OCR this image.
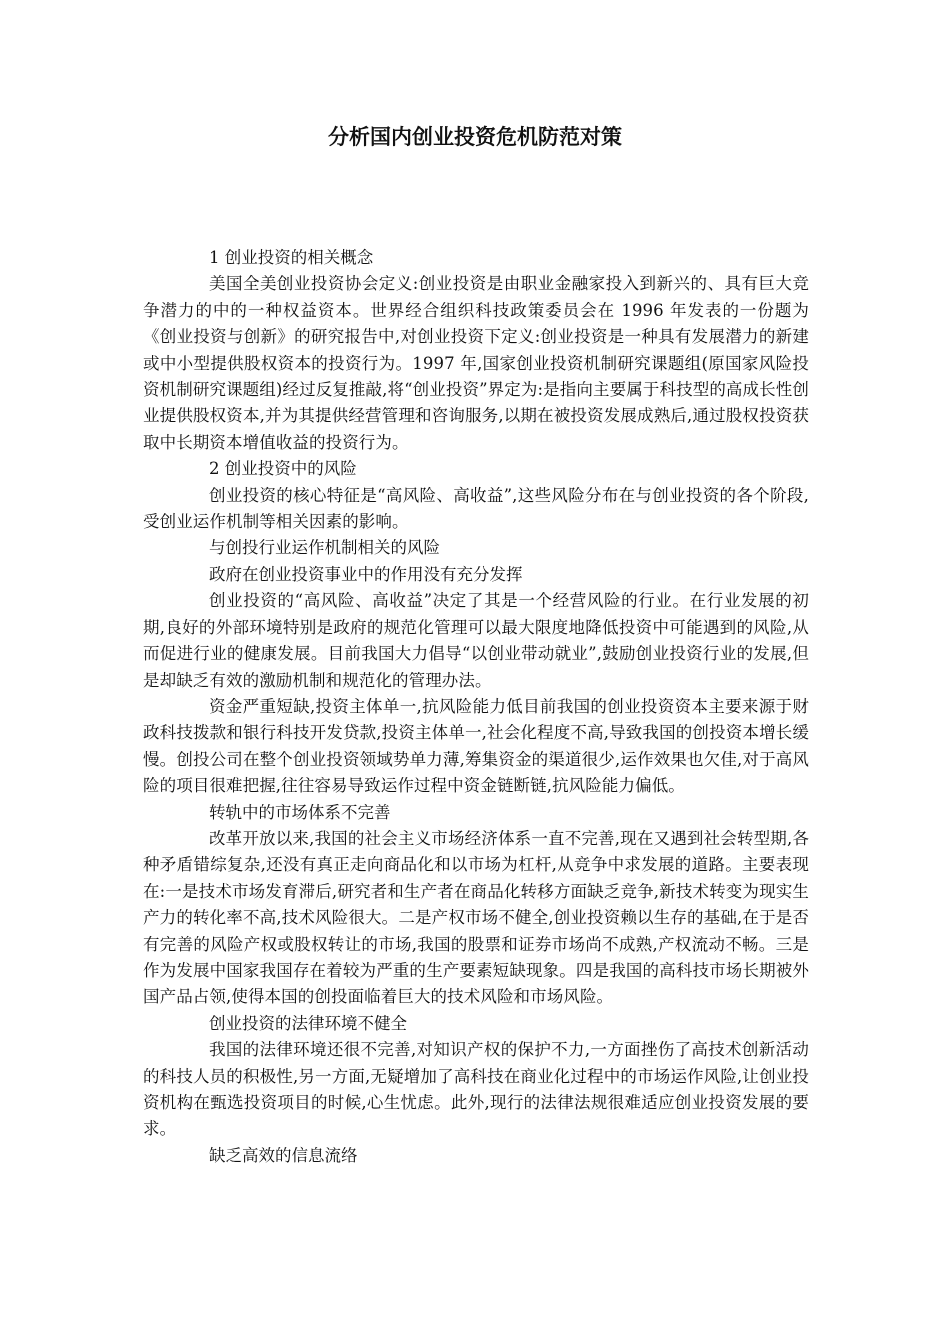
分析国内创业投资危机防范对策

1 创业投资的相关概念

美国全美创业投资协会定义:创业投资是由职业金融家投入到新兴的、具有巨大竞争潜力的中的一种权益资本。世界经合组织科技政策委员会在 1996 年发表的一份题为《创业投资与创新》的研究报告中,对创业投资下定义:创业投资是一种具有发展潜力的新建或中小型提供股权资本的投资行为。1997 年,国家创业投资机制研究课题组(原国家风险投资机制研究课题组)经过反复推敲,将“创业投资”界定为:是指向主要属于科技型的高成长性创业提供股权资本,并为其提供经营管理和咨询服务,以期在被投资发展成熟后,通过股权投资获取中长期资本增值收益的投资行为。

2 创业投资中的风险

创业投资的核心特征是“高风险、高收益”,这些风险分布在与创业投资的各个阶段,受创业运作机制等相关因素的影响。

与创投行业运作机制相关的风险

政府在创业投资事业中的作用没有充分发挥

创业投资的“高风险、高收益”决定了其是一个经营风险的行业。在行业发展的初期,良好的外部环境特别是政府的规范化管理可以最大限度地降低投资中可能遇到的风险,从而促进行业的健康发展。目前我国大力倡导“以创业带动就业”,鼓励创业投资行业的发展,但是却缺乏有效的激励机制和规范化的管理办法。

资金严重短缺,投资主体单一,抗风险能力低目前我国的创业投资资本主要来源于财政科技拨款和银行科技开发贷款,投资主体单一,社会化程度不高,导致我国的创投资本增长缓慢。创投公司在整个创业投资领域势单力薄,筹集资金的渠道很少,运作效果也欠佳,对于高风险的项目很难把握,往往容易导致运作过程中资金链断链,抗风险能力偏低。

转轨中的市场体系不完善

改革开放以来,我国的社会主义市场经济体系一直不完善,现在又遇到社会转型期,各种矛盾错综复杂,还没有真正走向商品化和以市场为杠杆,从竞争中求发展的道路。主要表现在:一是技术市场发育滞后,研究者和生产者在商品化转移方面缺乏竞争,新技术转变为现实生产力的转化率不高,技术风险很大。二是产权市场不健全,创业投资赖以生存的基础,在于是否有完善的风险产权或股权转让的市场,我国的股票和证券市场尚不成熟,产权流动不畅。三是作为发展中国家我国存在着较为严重的生产要素短缺现象。四是我国的高科技市场长期被外国产品占领,使得本国的创投面临着巨大的技术风险和市场风险。

创业投资的法律环境不健全

我国的法律环境还很不完善,对知识产权的保护不力,一方面挫伤了高技术创新活动的科技人员的积极性,另一方面,无疑增加了高科技在商业化过程中的市场运作风险,让创业投资机构在甄选投资项目的时候,心生忧虑。此外,现行的法律法规很难适应创业投资发展的要求。

缺乏高效的信息流络
